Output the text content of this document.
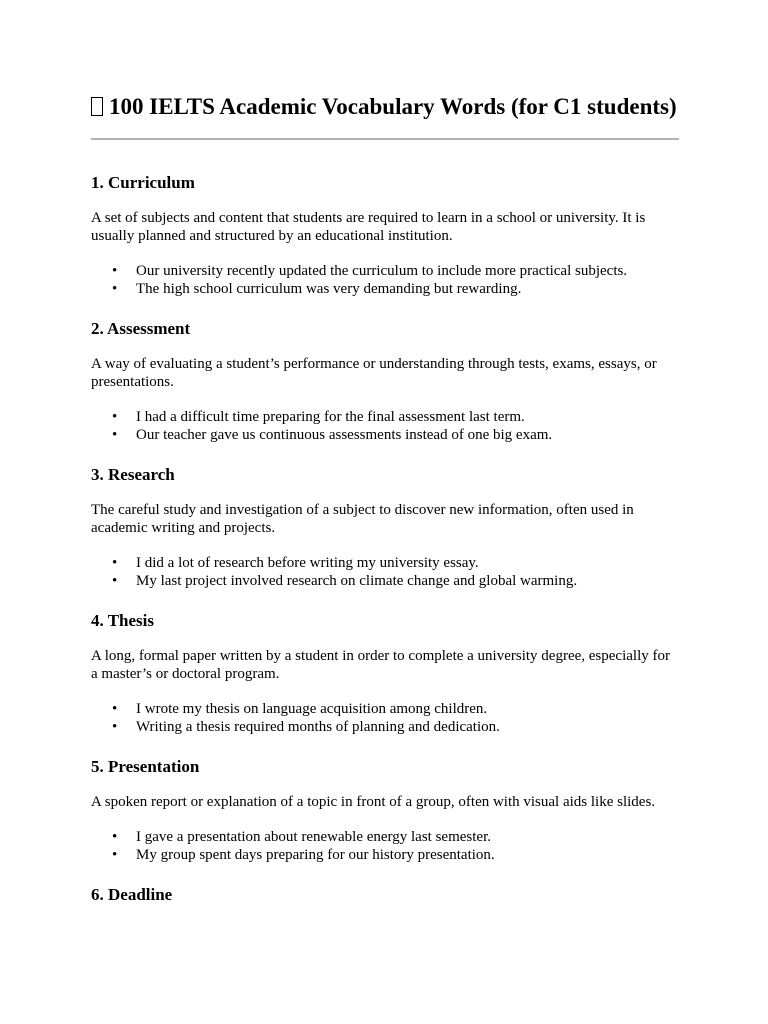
100 IELTS Academic Vocabulary Words (for C1 students)
1. Curriculum

A set of subjects and content that students are required to learn in a school or university. It is usually planned and structured by an educational institution.

• Our university recently updated the curriculum to include more practical subjects.
• The high school curriculum was very demanding but rewarding.
2. Assessment

A way of evaluating a student’s performance or understanding through tests, exams, essays, or presentations.

• I had a difficult time preparing for the final assessment last term.
• Our teacher gave us continuous assessments instead of one big exam.
3. Research

The careful study and investigation of a subject to discover new information, often used in academic writing and projects.

• I did a lot of research before writing my university essay.
• My last project involved research on climate change and global warming.
4. Thesis

A long, formal paper written by a student in order to complete a university degree, especially for a master’s or doctoral program.

• I wrote my thesis on language acquisition among children.
• Writing a thesis required months of planning and dedication.
5. Presentation

A spoken report or explanation of a topic in front of a group, often with visual aids like slides.

• I gave a presentation about renewable energy last semester.
• My group spent days preparing for our history presentation.
6. Deadline
